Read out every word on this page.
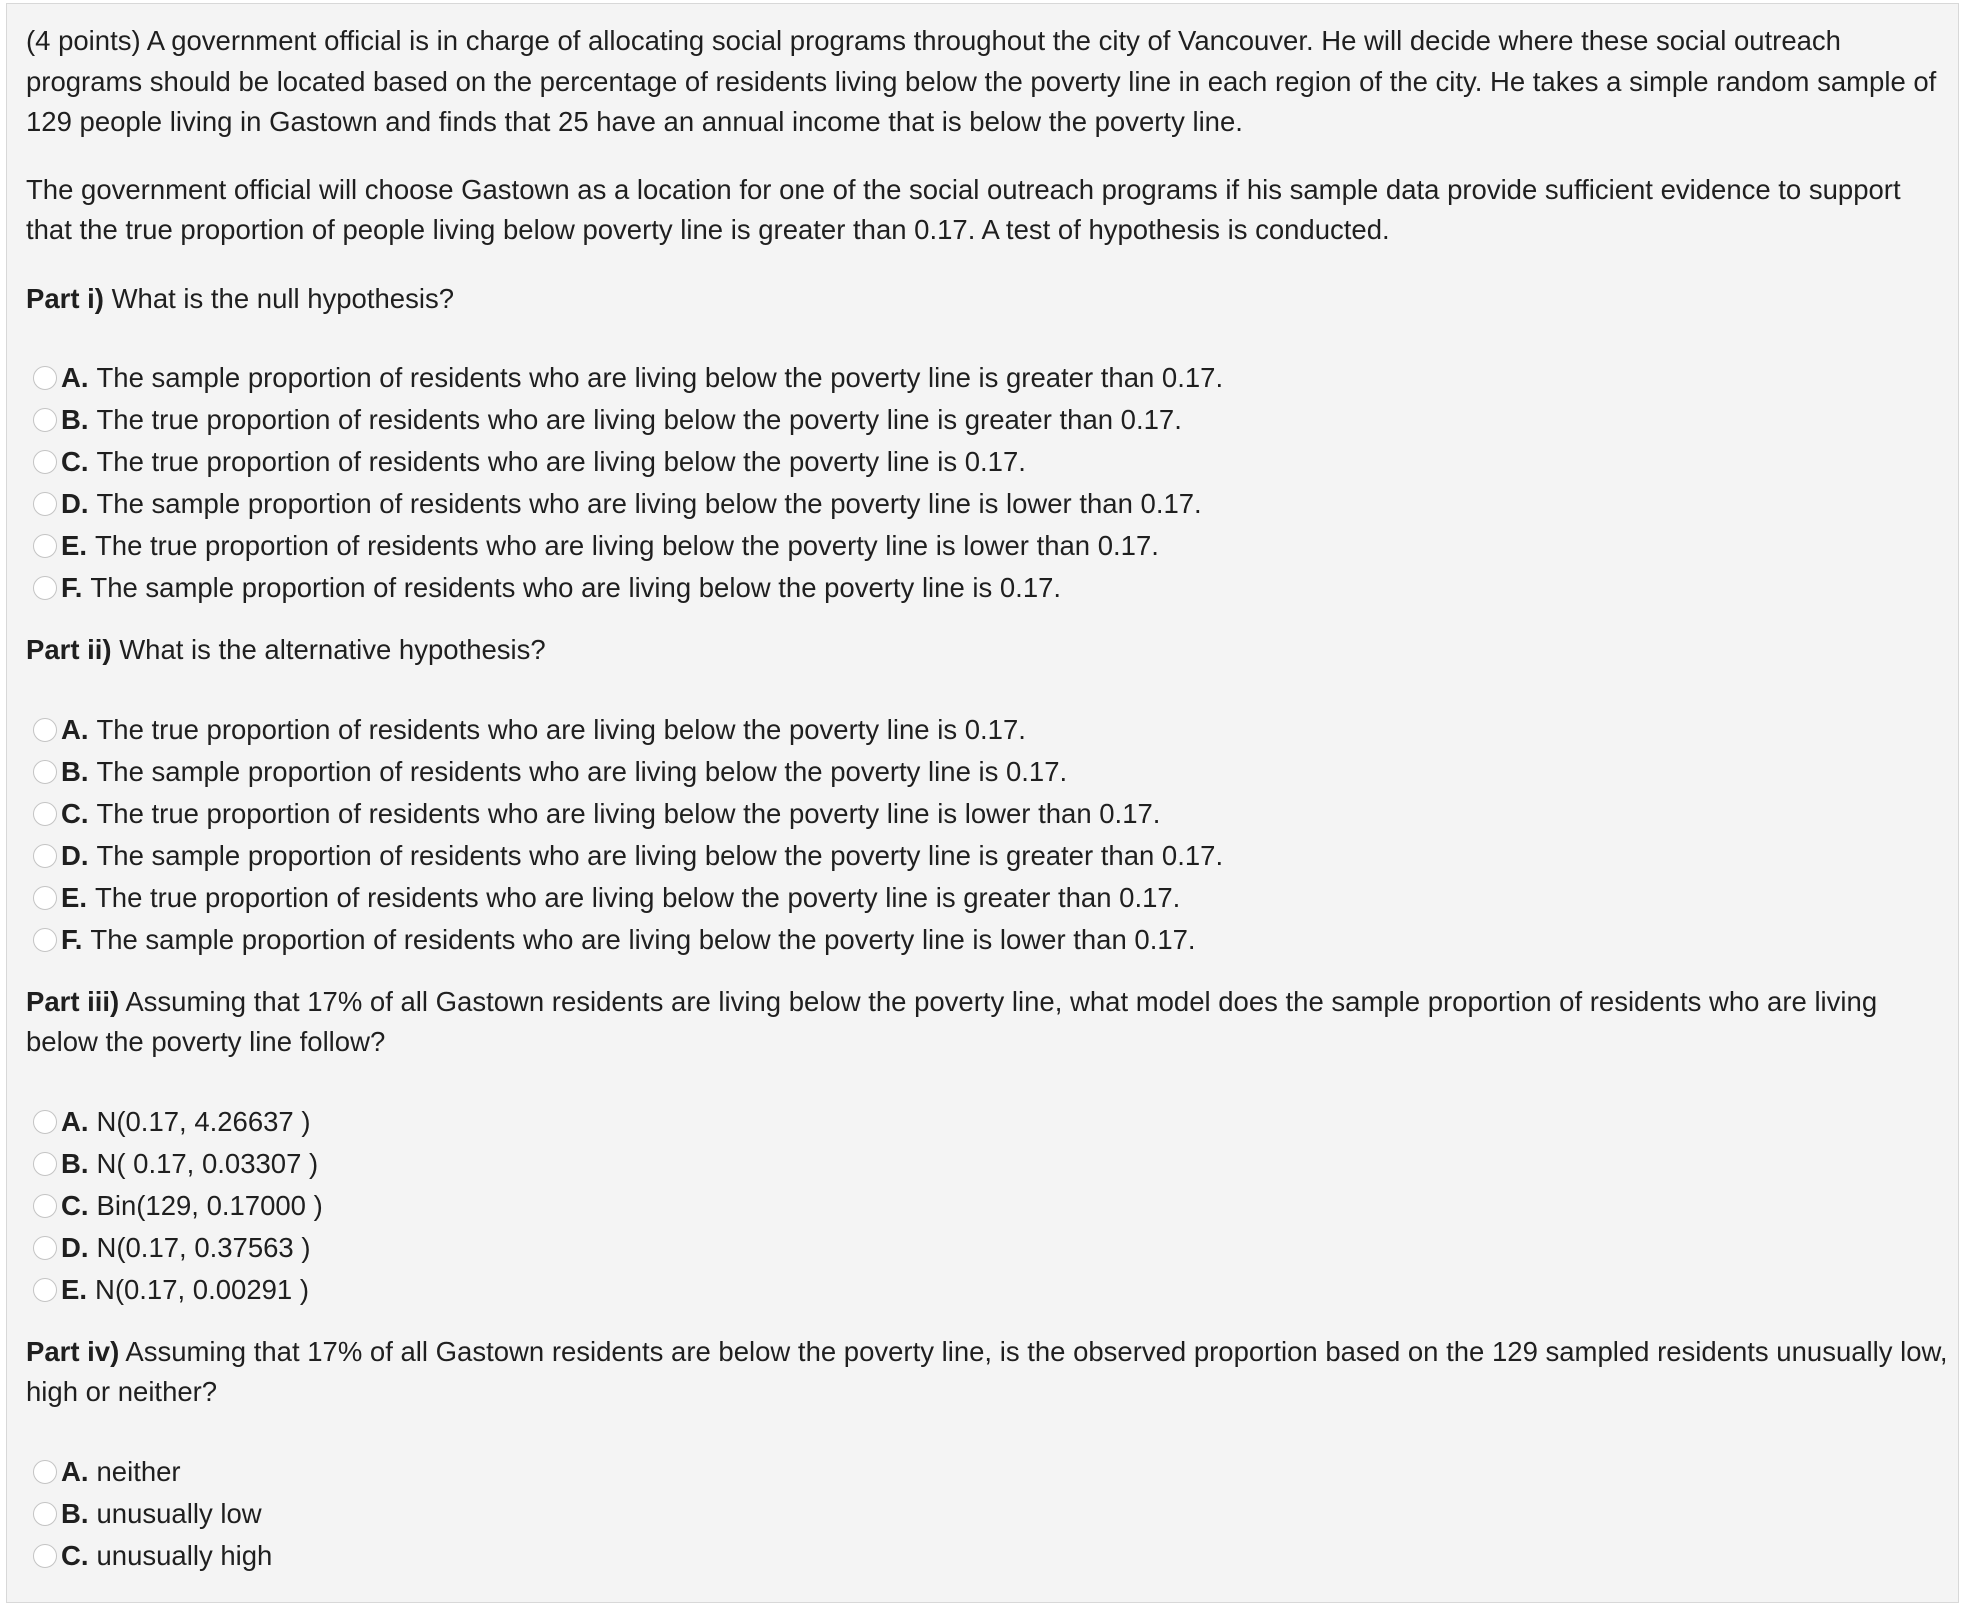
(4 points) A government official is in charge of allocating social programs throughout the city of Vancouver. He will decide where these social outreach programs should be located based on the percentage of residents living below the poverty line in each region of the city. He takes a simple random sample of 129 people living in Gastown and finds that 25 have an annual income that is below the poverty line.

The government official will choose Gastown as a location for one of the social outreach programs if his sample data provide sufficient evidence to support that the true proportion of people living below poverty line is greater than 0.17. A test of hypothesis is conducted.

Part i) What is the null hypothesis?

A. The sample proportion of residents who are living below the poverty line is greater than 0.17.
B. The true proportion of residents who are living below the poverty line is greater than 0.17.
C. The true proportion of residents who are living below the poverty line is 0.17.
D. The sample proportion of residents who are living below the poverty line is lower than 0.17.
E. The true proportion of residents who are living below the poverty line is lower than 0.17.
F. The sample proportion of residents who are living below the poverty line is 0.17.

Part ii) What is the alternative hypothesis?

A. The true proportion of residents who are living below the poverty line is 0.17.
B. The sample proportion of residents who are living below the poverty line is 0.17.
C. The true proportion of residents who are living below the poverty line is lower than 0.17.
D. The sample proportion of residents who are living below the poverty line is greater than 0.17.
E. The true proportion of residents who are living below the poverty line is greater than 0.17.
F. The sample proportion of residents who are living below the poverty line is lower than 0.17.

Part iii) Assuming that 17% of all Gastown residents are living below the poverty line, what model does the sample proportion of residents who are living below the poverty line follow?

A. N(0.17, 4.26637 )
B. N( 0.17, 0.03307 )
C. Bin(129, 0.17000 )
D. N(0.17, 0.37563 )
E. N(0.17, 0.00291 )

Part iv) Assuming that 17% of all Gastown residents are below the poverty line, is the observed proportion based on the 129 sampled residents unusually low, high or neither?

A. neither
B. unusually low
C. unusually high
